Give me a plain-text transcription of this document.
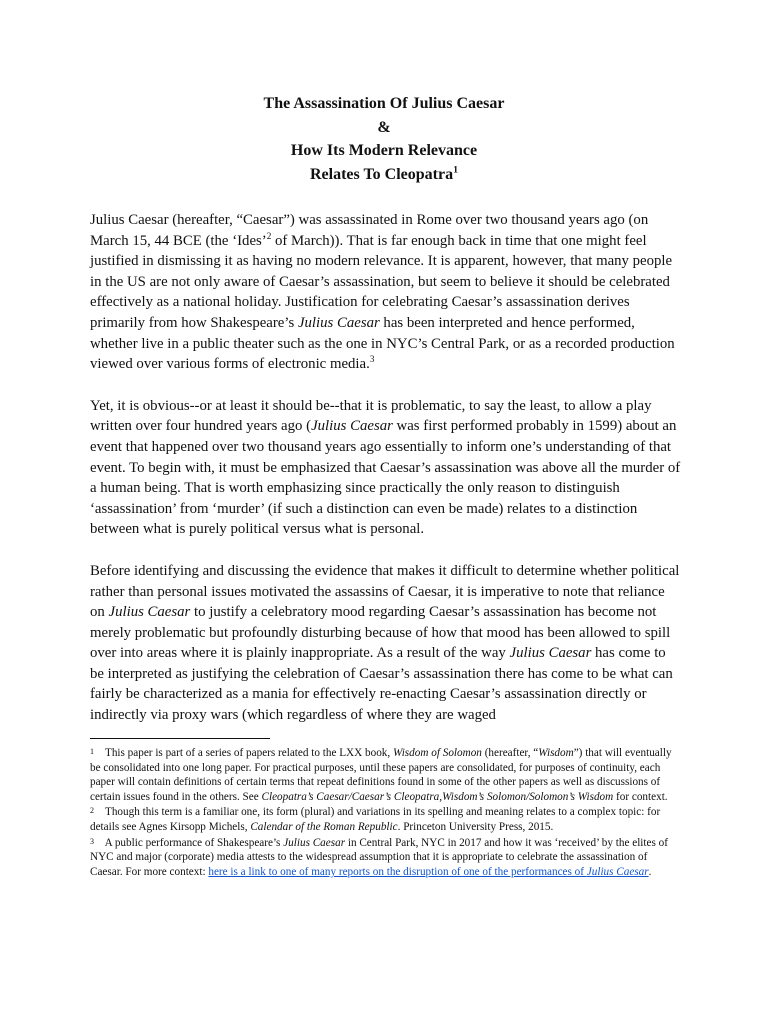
The Assassination Of Julius Caesar
&
How Its Modern Relevance
Relates To Cleopatra$^1$

Julius Caesar (hereafter, “Caesar”) was assassinated in Rome over two thousand years ago (on March 15, 44 BCE (the ‘Ides’$^2$ of March)). That is far enough back in time that one might feel justified in dismissing it as having no modern relevance. It is apparent, however, that many people in the US are not only aware of Caesar’s assassination, but seem to believe it should be celebrated effectively as a national holiday. Justification for celebrating Caesar’s assassination derives primarily from how Shakespeare’s Julius Caesar has been interpreted and hence performed, whether live in a public theater such as the one in NYC’s Central Park, or as a recorded production viewed over various forms of electronic media.$^3$

Yet, it is obvious--or at least it should be--that it is problematic, to say the least, to allow a play written over four hundred years ago (Julius Caesar was first performed probably in 1599) about an event that happened over two thousand years ago essentially to inform one’s understanding of that event. To begin with, it must be emphasized that Caesar’s assassination was above all the murder of a human being. That is worth emphasizing since practically the only reason to distinguish ‘assassination’ from ‘murder’ (if such a distinction can even be made) relates to a distinction between what is purely political versus what is personal.

Before identifying and discussing the evidence that makes it difficult to determine whether political rather than personal issues motivated the assassins of Caesar, it is imperative to note that reliance on Julius Caesar to justify a celebratory mood regarding Caesar’s assassination has become not merely problematic but profoundly disturbing because of how that mood has been allowed to spill over into areas where it is plainly inappropriate. As a result of the way Julius Caesar has come to be interpreted as justifying the celebration of Caesar’s assassination there has come to be what can fairly be characterized as a mania for effectively re-enacting Caesar’s assassination directly or indirectly via proxy wars (which regardless of where they are waged

$^1$ This paper is part of a series of papers related to the LXX book, Wisdom of Solomon (hereafter, “Wisdom”) that will eventually be consolidated into one long paper. For practical purposes, until these papers are consolidated, for purposes of continuity, each paper will contain definitions of certain terms that repeat definitions found in some of the other papers as well as discussions of certain issues found in the others. See Cleopatra’s Caesar/Caesar’s Cleopatra,Wisdom’s Solomon/Solomon’s Wisdom for context.
$^2$ Though this term is a familiar one, its form (plural) and variations in its spelling and meaning relates to a complex topic: for details see Agnes Kirsopp Michels, Calendar of the Roman Republic. Princeton University Press, 2015.
$^3$ A public performance of Shakespeare’s Julius Caesar in Central Park, NYC in 2017 and how it was ‘received’ by the elites of NYC and major (corporate) media attests to the widespread assumption that it is appropriate to celebrate the assassination of Caesar. For more context: here is a link to one of many reports on the disruption of one of the performances of Julius Caesar.
